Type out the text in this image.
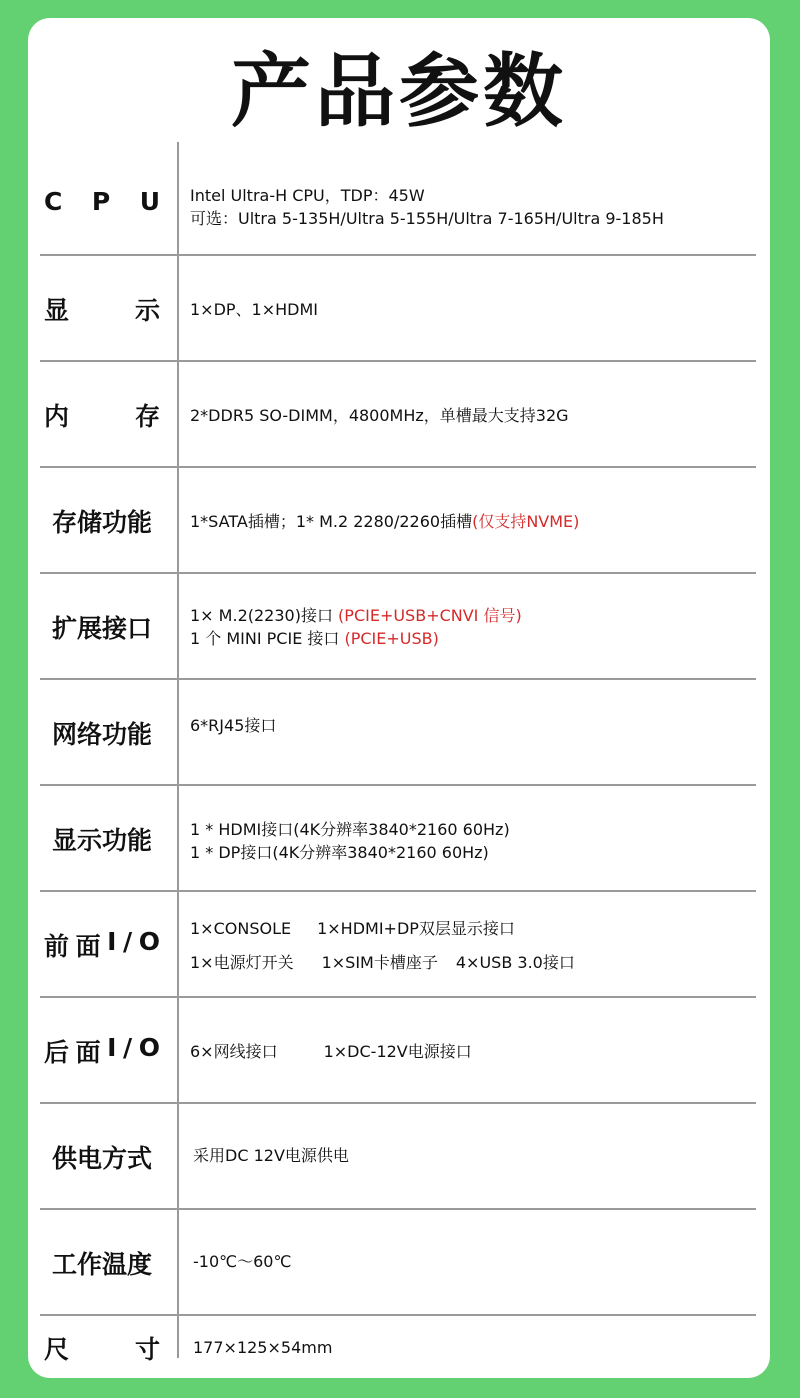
产品参数
C P U Intel Ultra-H CPU，TDP：45W
可选：Ultra 5-135H/Ultra 5-155H/Ultra 7-165H/Ultra 9-185H
显	示 1×DP、1×HDMI
内	存 2*DDR5 SO-DIMM，4800MHz，单槽最大支持32G
存储功能 1*SATA插槽；1* M.2 2280/2260插槽(仅支持NVME)
扩展接口 1× M.2(2230)接口 (PCIE+USB+CNVI 信号)
1 个 MINI PCIE 接口 (PCIE+USB)
网络功能 6*RJ45接口
显示功能 1 * HDMI接口(4K分辨率3840*2160 60Hz)
1 * DP接口(4K分辨率3840*2160 60Hz)
前 面 I / O 1×CONSOLE 1×HDMI+DP双层显示接口
1×电源灯开关 1×SIM卡槽座子 4×USB 3.0接口
后 面 I / O 6×网线接口	1×DC-12V电源接口
供电方式	采用DC 12V电源供电
工作温度	-10℃～60℃
尺	寸 177×125×54mm
